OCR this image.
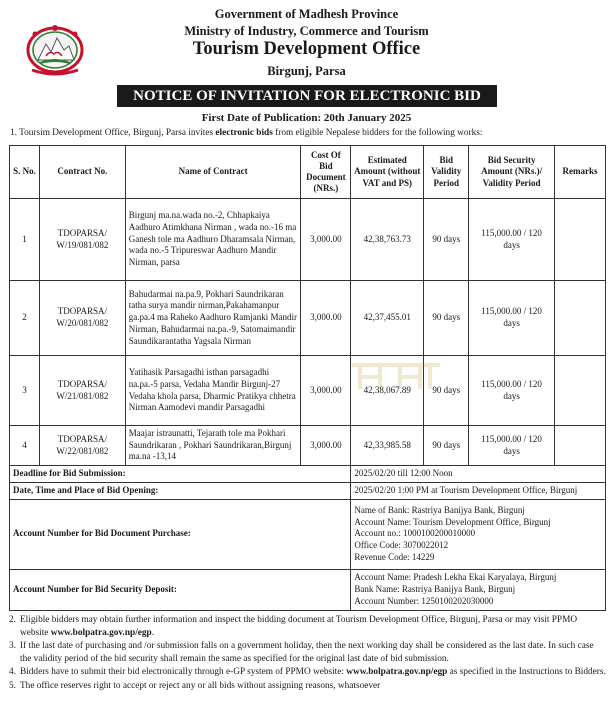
Government of Madhesh Province
Ministry of Industry, Commerce and Tourism
Tourism Development Office
Birgunj, Parsa
NOTICE OF INVITATION FOR ELECTRONIC BID
First Date of Publication: 20th January 2025
1. Toursim Development Office, Birgunj, Parsa invites electronic bids from eligible Nepalese bidders for the following works:
S. No.	Contract No.	Name of Contract	Cost Of Bid Document (NRs.)	Estimated Amount (without VAT and PS)	Bid Validity Period	Bid Security Amount (NRs.)/ Validity Period	Remarks
1	TDOPARSA/ W/19/081/082	Birgunj ma.na.wada no.-2, Chhapkaiya Aadhuro Atimkhana Nirman , wada no.-16 ma Ganesh tole ma Aadhuro Dharamsala Nirman, wada no.-5 Tripureswar Aadhuro Mandir Nirman, parsa	3,000.00	42,38,763.73	90 days	115,000.00 / 120 days	
2	TDOPARSA/ W/20/081/082	Bahudarmai na.pa.9, Pokhari Saundrikaran tatha surya mandir nirman,Pakahamanpur ga.pa.4 ma Raheko Aadhuro Ramjanki Mandir Nirman, Bahudarmai na.pa.-9, Satomaimandir Saundikarantatha Yagsala Nirman	3,000.00	42,37,455.01	90 days	115,000.00 / 120 days	
3	TDOPARSA/ W/21/081/082	Yatihasik Parsagadhi isthan parsagadhi na.pa.-5 parsa, Vedaha Mandir Birgunj-27 Vedaha khola parsa, Dharmic Pratikya chhetra Nirman Aamodevi mandir Parsagadhi	3,000.00	42,38,067.89	90 days	115,000.00 / 120 days	
4	TDOPARSA/ W/22/081/082	Maajar istraunatti, Tejarath tole ma Pokhari Saundrikaran , Pokhari Saundrikaran,Birgunj ma.na -13,14	3,000.00	42,33,985.58	90 days	115,000.00 / 120 days	
Deadline for Bid Submission:				2025/02/20 till 12:00 Noon			
Date, Time and Place of Bid Opening:				2025/02/20 1:00 PM at Tourism Development Office, Birgunj			
Account Number for Bid Document Purchase:				Name of Bank: Rastriya Banijya Bank, Birgunj
Account Name: Tourism Development Office, Birgunj
Account no.: 1000100200010000
Office Code: 3070022012
Revenue Code: 14229			

Account Number for Bid Security Deposit:				Account Name: Pradesh Lekha Ekai Karyalaya, Birgunj
Bank Name: Rastriya Banijya Bank, Birgunj
Account Number: 1250100202030000			
2. Eligible bidders may obtain further information and inspect the bidding document at Tourism Development Office, Birgunj, Parsa or may visit PPMO website www.bolpatra.gov.np/egp.
3. If the last date of purchasing and /or submission falls on a government holiday, then the next working day shall be considered as the last date. In such case the validity period of the bid security shall remain the same as specified for the original last date of bid submission.
4. Bidders have to submit their bid electronically through e-GP system of PPMO website: www.bolpatra.gov.np/egp as specified in the Instructions to Bidders.
5. The office reserves right to accept or reject any or all bids without assigning reasons, whatsoever
